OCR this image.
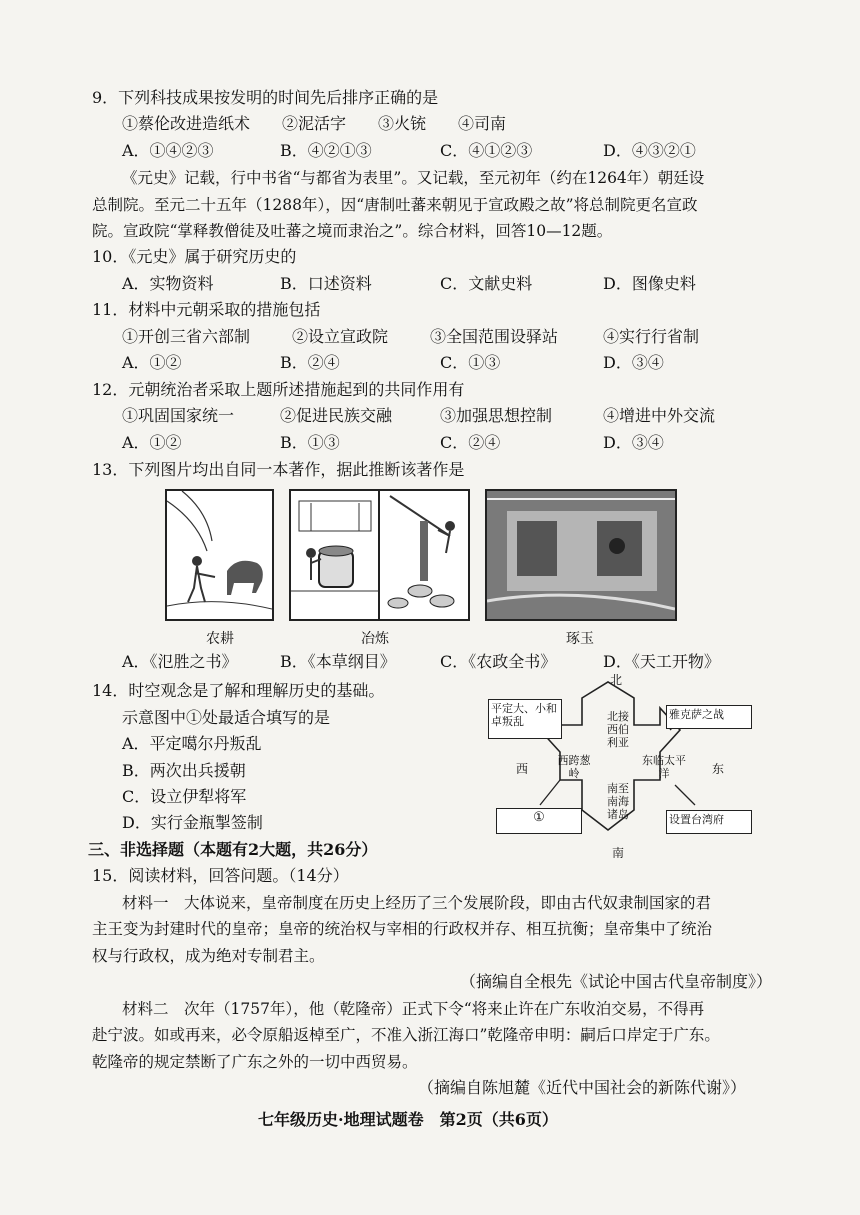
9．下列科技成果按发明的时间先后排序正确的是
①蔡伦改进造纸术　　②泥活字　　③火铳　　④司南
A．①④②③	B．④②①③	C．④①②③	D．④③②①
《元史》记载，行中书省“与都省为表里”。又记载，至元初年（约在1264年）朝廷设
总制院。至元二十五年（1288年），因“唐制吐蕃来朝见于宣政殿之故”将总制院更名宣政
院。宣政院“掌释教僧徒及吐蕃之境而隶治之”。综合材料，回答10—12题。
10．《元史》属于研究历史的
A．实物资料	B．口述资料	C．文献史料	D．图像史料
11．材料中元朝采取的措施包括
①开创三省六部制	②设立宣政院	③全国范围设驿站	④实行行省制
A．①②	B．②④	C．①③	D．③④
12．元朝统治者采取上题所述措施起到的共同作用有
①巩固国家统一	②促进民族交融	③加强思想控制	④增进中外交流
A．①②	B．①③	C．②④	D．③④
13．下列图片均出自同一本著作，据此推断该著作是
农耕	冶炼	琢玉
A．《氾胜之书》	B．《本草纲目》	C．《农政全书》	D．《天工开物》
14．时空观念是了解和理解历史的基础。
示意图中①处最适合填写的是
A．平定噶尔丹叛乱
B．两次出兵援朝
C．设立伊犁将军
D．实行金瓶掣签制
北
南
西	东
平定大、小和卓叛乱
雅克萨之战
设置台湾府
①
北接西伯利亚
西跨葱岭
东临太平洋
南至南海诸岛
三、非选择题（本题有2大题，共26分）
15．阅读材料，回答问题。（14分）
材料一　大体说来，皇帝制度在历史上经历了三个发展阶段，即由古代奴隶制国家的君
主王变为封建时代的皇帝；皇帝的统治权与宰相的行政权并存、相互抗衡；皇帝集中了统治
权与行政权，成为绝对专制君主。
（摘编自全根先《试论中国古代皇帝制度》）
材料二　次年（1757年），他（乾隆帝）正式下令“将来止许在广东收泊交易，不得再
赴宁波。如或再来，必令原船返棹至广，不准入浙江海口”乾隆帝申明：嗣后口岸定于广东。
乾隆帝的规定禁断了广东之外的一切中西贸易。
（摘编自陈旭麓《近代中国社会的新陈代谢》）
七年级历史·地理试题卷　第2页（共6页）
